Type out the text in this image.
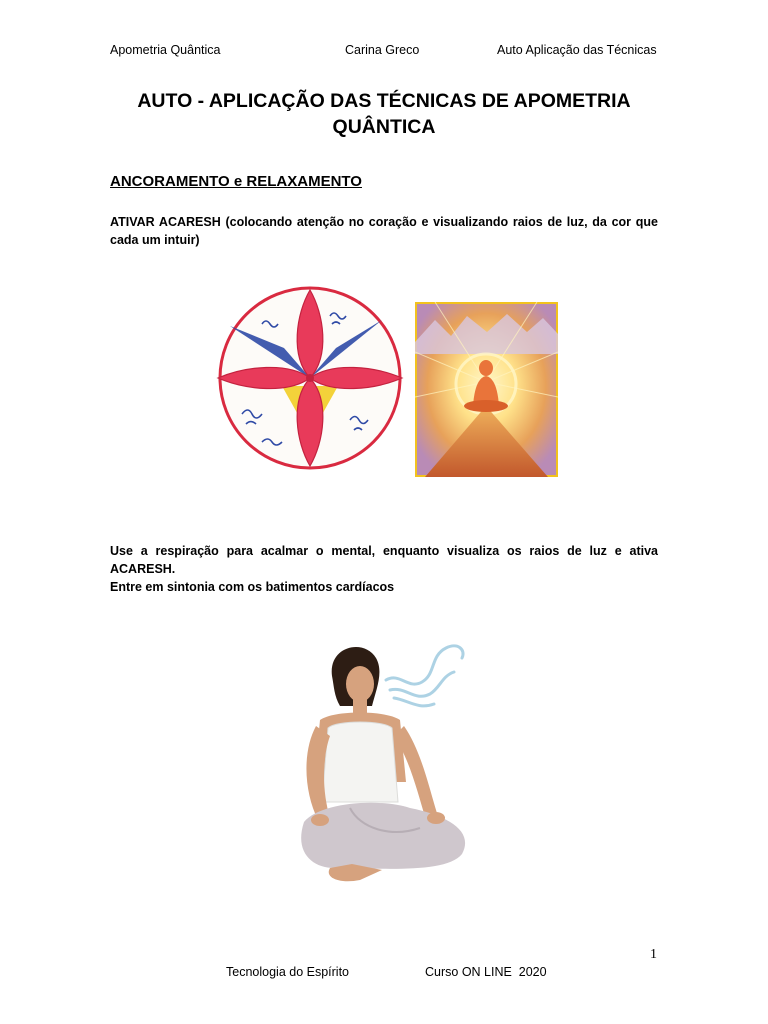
Apometria Quântica	Carina Greco	Auto Aplicação das Técnicas
AUTO - APLICAÇÃO DAS TÉCNICAS DE APOMETRIA
QUÂNTICA
ANCORAMENTO e RELAXAMENTO
ATIVAR ACARESH (colocando atenção no coração e visualizando raios de luz, da cor que cada um intuir)
Use a respiração para acalmar o mental, enquanto visualiza os raios de luz e ativa ACARESH.
Entre em sintonia com os batimentos cardíacos
1
Tecnologia do Espírito	Curso ON LINE  2020
